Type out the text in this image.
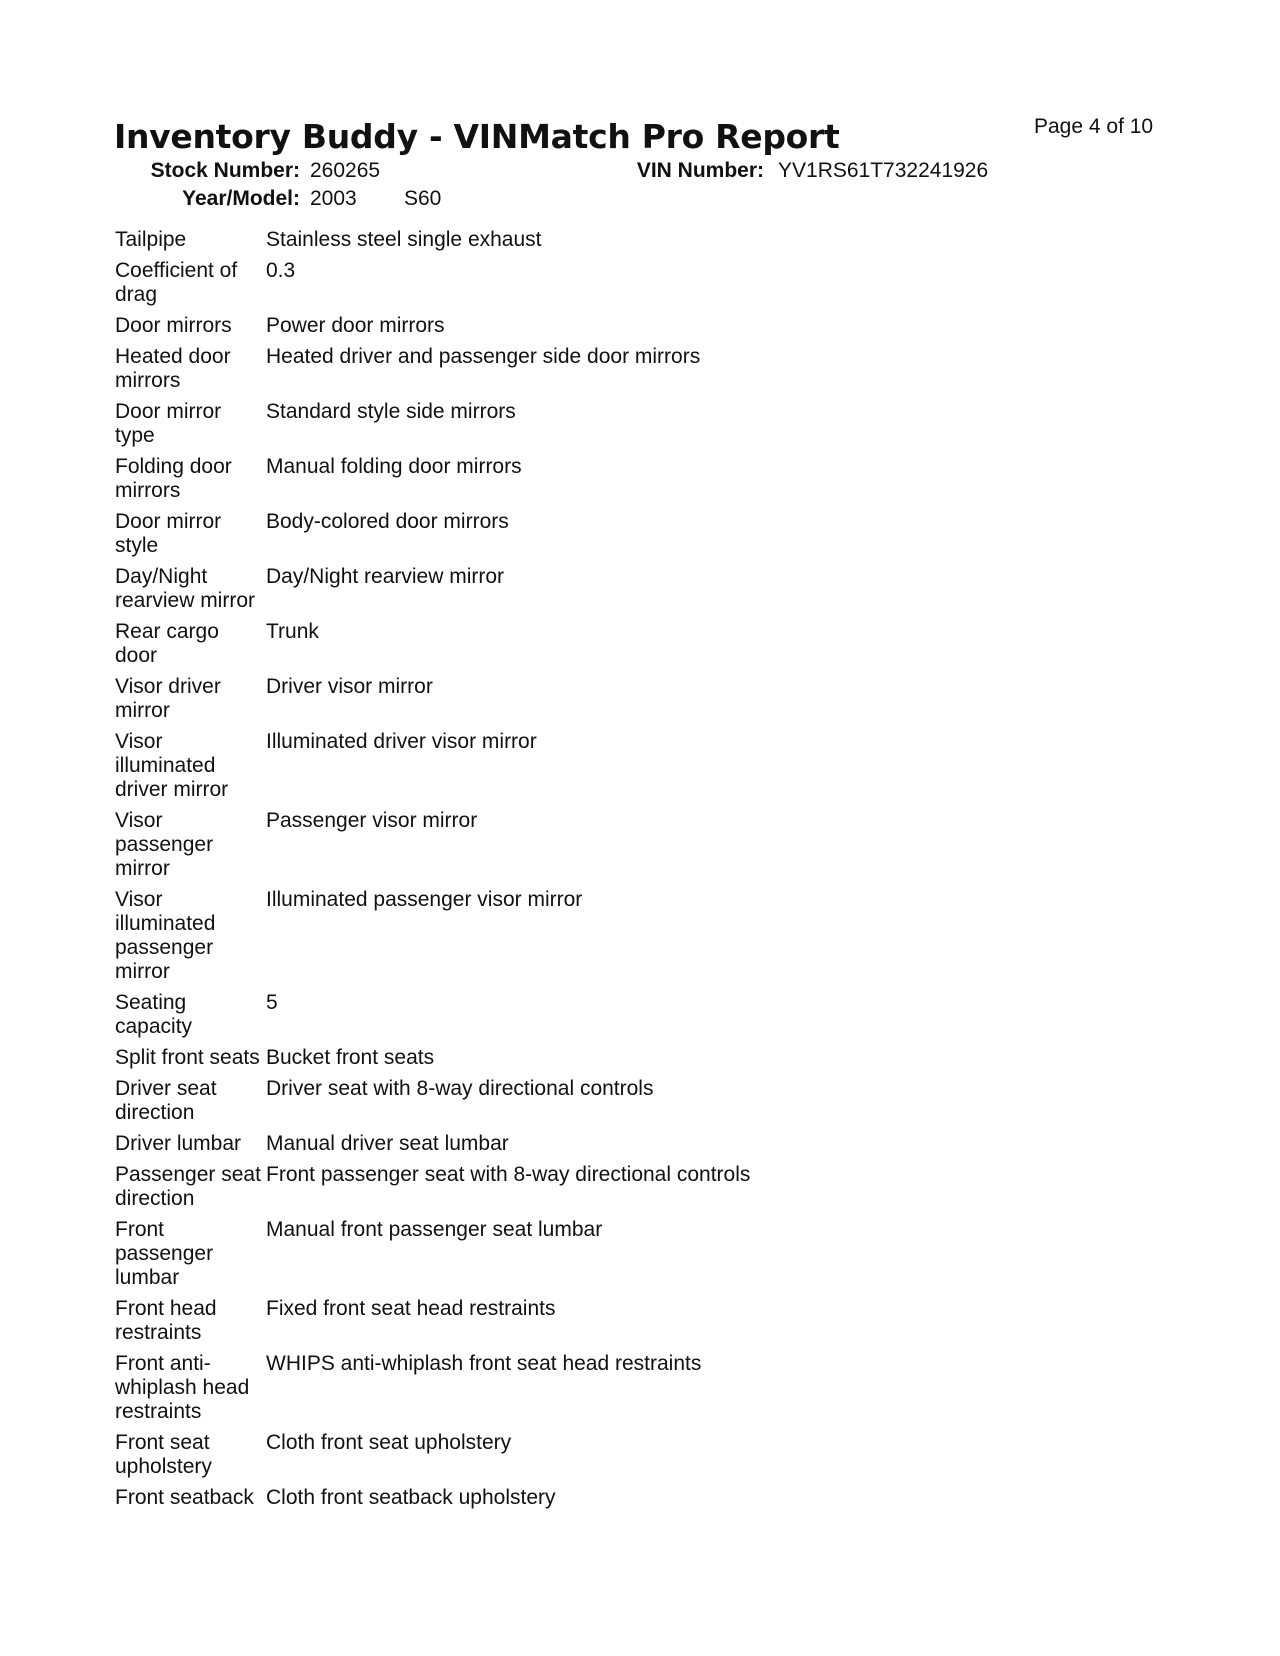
Inventory Buddy - VINMatch Pro Report	Page 4 of 10
Stock Number: 260265	VIN Number: YV1RS61T732241926
Year/Model: 2003 S60
Tailpipe	Stainless steel single exhaust
Coefficient of drag	0.3
Door mirrors	Power door mirrors
Heated door mirrors	Heated driver and passenger side door mirrors
Door mirror type	Standard style side mirrors
Folding door mirrors	Manual folding door mirrors
Door mirror style	Body-colored door mirrors
Day/Night rearview mirror	Day/Night rearview mirror
Rear cargo door	Trunk
Visor driver mirror	Driver visor mirror
Visor illuminated driver mirror	Illuminated driver visor mirror
Visor passenger mirror	Passenger visor mirror
Visor illuminated passenger mirror	Illuminated passenger visor mirror
Seating capacity	5
Split front seats	Bucket front seats
Driver seat direction	Driver seat with 8-way directional controls
Driver lumbar	Manual driver seat lumbar
Passenger seat direction	Front passenger seat with 8-way directional controls
Front passenger lumbar	Manual front passenger seat lumbar
Front head restraints	Fixed front seat head restraints
Front anti-whiplash head restraints	WHIPS anti-whiplash front seat head restraints
Front seat upholstery	Cloth front seat upholstery
Front seatback	Cloth front seatback upholstery
